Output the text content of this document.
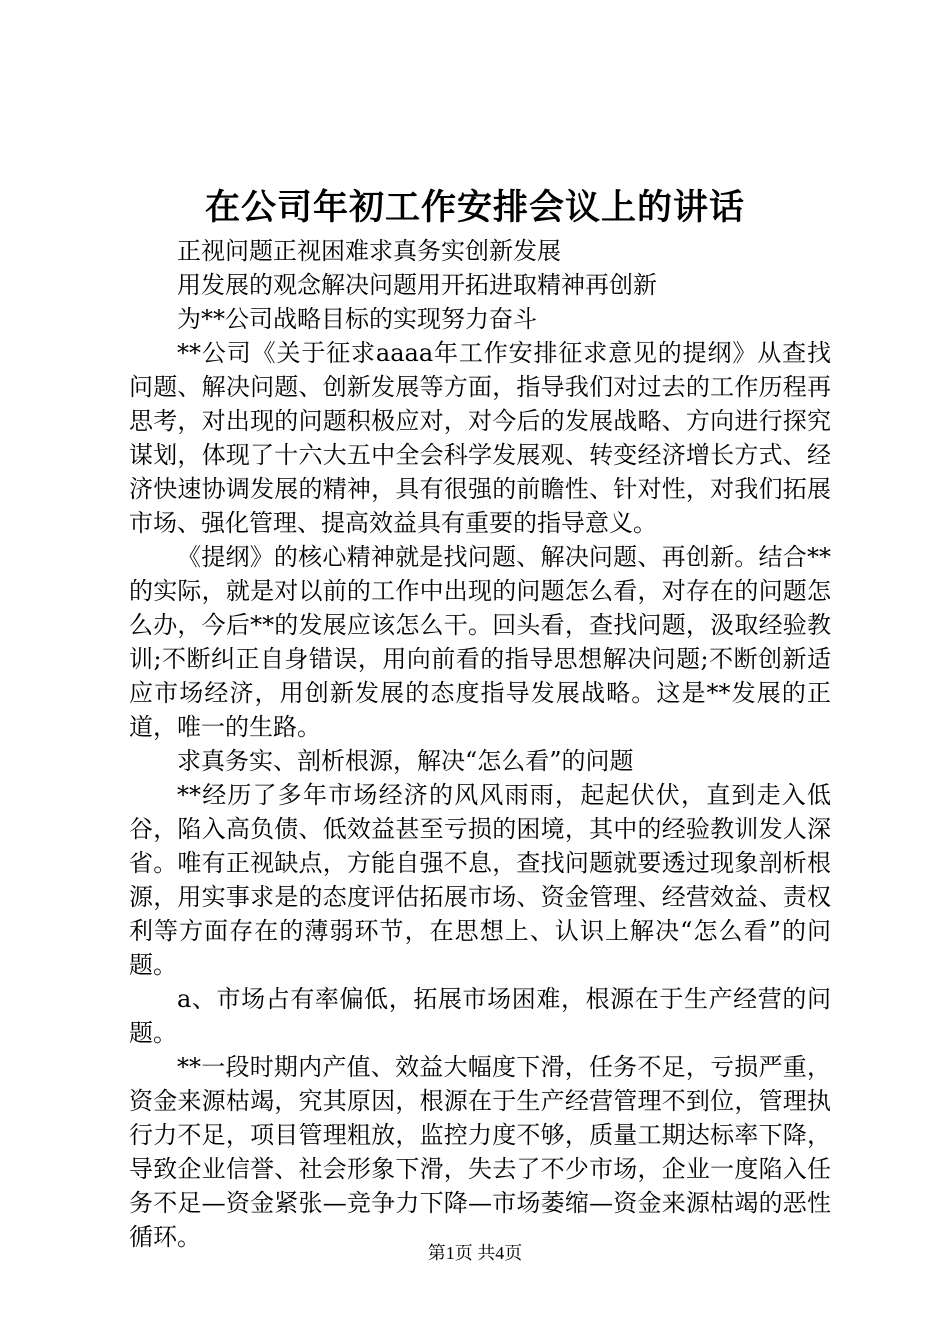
在公司年初工作安排会议上的讲话

正视问题正视困难求真务实创新发展

用发展的观念解决问题用开拓进取精神再创新

为**公司战略目标的实现努力奋斗

**公司《关于征求aaaa年工作安排征求意见的提纲》从查找问题、解决问题、创新发展等方面，指导我们对过去的工作历程再思考，对出现的问题积极应对，对今后的发展战略、方向进行探究谋划，体现了十六大五中全会科学发展观、转变经济增长方式、经济快速协调发展的精神，具有很强的前瞻性、针对性，对我们拓展市场、强化管理、提高效益具有重要的指导意义。

《提纲》的核心精神就是找问题、解决问题、再创新。结合**的实际，就是对以前的工作中出现的问题怎么看，对存在的问题怎么办，今后**的发展应该怎么干。回头看，查找问题，汲取经验教训;不断纠正自身错误，用向前看的指导思想解决问题;不断创新适应市场经济，用创新发展的态度指导发展战略。这是**发展的正道，唯一的生路。

求真务实、剖析根源，解决“怎么看”的问题

**经历了多年市场经济的风风雨雨，起起伏伏，直到走入低谷，陷入高负债、低效益甚至亏损的困境，其中的经验教训发人深省。唯有正视缺点，方能自强不息，查找问题就要透过现象剖析根源，用实事求是的态度评估拓展市场、资金管理、经营效益、责权利等方面存在的薄弱环节，在思想上、认识上解决“怎么看”的问题。

a、市场占有率偏低，拓展市场困难，根源在于生产经营的问题。

**一段时期内产值、效益大幅度下滑，任务不足，亏损严重，资金来源枯竭，究其原因，根源在于生产经营管理不到位，管理执行力不足，项目管理粗放，监控力度不够，质量工期达标率下降，导致企业信誉、社会形象下滑，失去了不少市场，企业一度陷入任务不足—资金紧张—竞争力下降—市场萎缩—资金来源枯竭的恶性循环。

第1页 共4页
